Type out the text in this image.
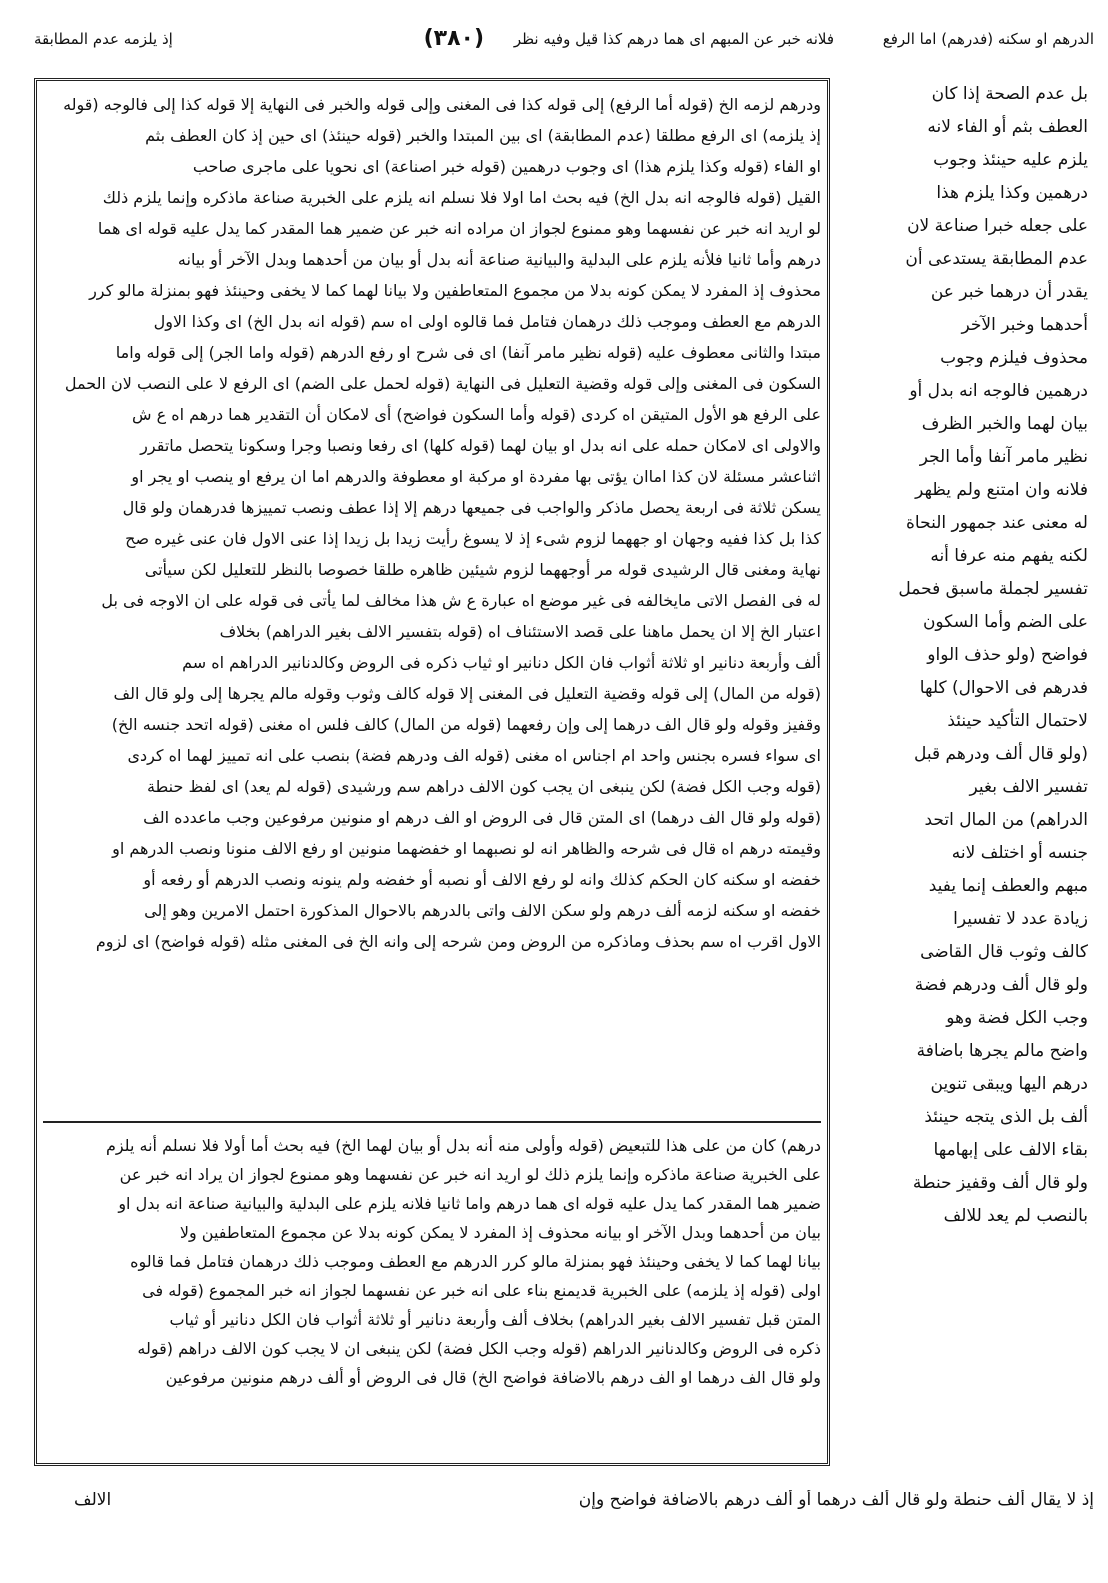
الدرهم او سكنه (فدرهم) اما الرفع
فلانه خبر عن المبهم اى هما درهم كذا قيل وفيه نظر
(٣٨٠)
إذ يلزمه عدم المطابقة
ودرهم لزمه الخ (قوله أما الرفع) إلى قوله كذا فى المغنى وإلى قوله والخبر فى النهاية إلا قوله كذا إلى فالوجه (قوله
إذ يلزمه) اى الرفع مطلقا (عدم المطابقة) اى بين المبتدا والخبر (قوله حينئذ) اى حين إذ كان العطف بثم
او الفاء (قوله وكذا يلزم هذا) اى وجوب درهمين (قوله خبر اصناعة) اى نحويا على ماجرى صاحب
القيل (قوله فالوجه انه بدل الخ) فيه بحث اما اولا فلا نسلم انه يلزم على الخبرية صناعة ماذكره وإنما يلزم ذلك
لو اريد انه خبر عن نفسهما وهو ممنوع لجواز ان مراده انه خبر عن ضمير هما المقدر كما يدل عليه قوله اى هما
درهم وأما ثانيا فلأنه يلزم على البدلية والبيانية صناعة أنه بدل أو بيان من أحدهما وبدل الآخر أو بيانه
محذوف إذ المفرد لا يمكن كونه بدلا من مجموع المتعاطفين ولا بيانا لهما كما لا يخفى وحينئذ فهو بمنزلة مالو كرر
الدرهم مع العطف وموجب ذلك درهمان فتامل فما قالوه اولى اه سم (قوله انه بدل الخ) اى وكذا الاول
مبتدا والثانى معطوف عليه (قوله نظير مامر آنفا) اى فى شرح او رفع الدرهم (قوله واما الجر) إلى قوله واما
السكون فى المغنى وإلى قوله وقضية التعليل فى النهاية (قوله لحمل على الضم) اى الرفع لا على النصب لان الحمل
على الرفع هو الأول المتيقن اه كردى (قوله وأما السكون فواضح) أى لامكان أن التقدير هما درهم اه ع ش
والاولى اى لامكان حمله على انه بدل او بيان لهما (قوله كلها) اى رفعا ونصبا وجرا وسكونا يتحصل ماتقرر
اثناعشر مسئلة لان كذا اماان يؤتى بها مفردة او مركبة او معطوفة والدرهم اما ان يرفع او ينصب او يجر او
يسكن ثلاثة فى اربعة يحصل ماذكر والواجب فى جميعها درهم إلا إذا عطف ونصب تمييزها فدرهمان ولو قال
كذا بل كذا ففيه وجهان او جههما لزوم شىء إذ لا يسوغ رأيت زيدا بل زيدا إذا عنى الاول فان عنى غيره صح
نهاية ومغنى قال الرشيدى قوله مر أوجههما لزوم شيئين ظاهره طلقا خصوصا بالنظر للتعليل لكن سيأتى
له فى الفصل الاتى مايخالفه فى غير موضع اه عبارة ع ش هذا مخالف لما يأتى فى قوله على ان الاوجه فى بل
اعتبار الخ إلا ان يحمل ماهنا على قصد الاستئناف اه (قوله بتفسير الالف بغير الدراهم) بخلاف
ألف وأربعة دنانير او ثلاثة أثواب فان الكل دنانير او ثياب ذكره فى الروض وكالدنانير الدراهم اه سم
(قوله من المال) إلى قوله وقضية التعليل فى المغنى إلا قوله كالف وثوب وقوله مالم يجرها إلى ولو قال الف
وقفيز وقوله ولو قال الف درهما إلى وإن رفعهما (قوله من المال) كالف فلس اه مغنى (قوله اتحد جنسه الخ)
اى سواء فسره بجنس واحد ام اجناس اه مغنى (قوله الف ودرهم فضة) بنصب على انه تمييز لهما اه كردى
(قوله وجب الكل فضة) لكن ينبغى ان يجب كون الالف دراهم سم ورشيدى (قوله لم يعد) اى لفظ حنطة
(قوله ولو قال الف درهما) اى المتن قال فى الروض او الف درهم او منونين مرفوعين وجب ماعدده الف
وقيمته درهم اه قال فى شرحه والظاهر انه لو نصبهما او خفضهما منونين او رفع الالف منونا ونصب الدرهم او
خفضه او سكنه كان الحكم كذلك وانه لو رفع الالف أو نصبه أو خفضه ولم ينونه ونصب الدرهم أو رفعه أو
خفضه او سكنه لزمه ألف درهم ولو سكن الالف واتى بالدرهم بالاحوال المذكورة احتمل الامرين وهو إلى
الاول اقرب اه سم بحذف وماذكره من الروض ومن شرحه إلى وانه الخ فى المغنى مثله (قوله فواضح) اى لزوم
درهم) كان من على هذا للتبعيض (قوله وأولى منه أنه بدل أو بيان لهما الخ) فيه بحث أما أولا فلا نسلم أنه يلزم
على الخبرية صناعة ماذكره وإنما يلزم ذلك لو اريد انه خبر عن نفسهما وهو ممنوع لجواز ان يراد انه خبر عن
ضمير هما المقدر كما يدل عليه قوله اى هما درهم واما ثانيا فلانه يلزم على البدلية والبيانية صناعة انه بدل او
بيان من أحدهما وبدل الآخر او بيانه محذوف إذ المفرد لا يمكن كونه بدلا عن مجموع المتعاطفين ولا
بيانا لهما كما لا يخفى وحينئذ فهو بمنزلة مالو كرر الدرهم مع العطف وموجب ذلك درهمان فتامل فما قالوه
اولى (قوله إذ يلزمه) على الخبرية قديمنع بناء على انه خبر عن نفسهما لجواز انه خبر المجموع (قوله فى
المتن قبل تفسير الالف بغير الدراهم) بخلاف ألف وأربعة دنانير أو ثلاثة أثواب فان الكل دنانير أو ثياب
ذكره فى الروض وكالدنانير الدراهم (قوله وجب الكل فضة) لكن ينبغى ان لا يجب كون الالف دراهم (قوله
ولو قال الف درهما او الف درهم بالاضافة فواضح الخ) قال فى الروض أو ألف درهم منونين مرفوعين
بل عدم الصحة إذا كان
العطف بثم أو الفاء لانه
يلزم عليه حينئذ وجوب
درهمين وكذا يلزم هذا
على جعله خبرا صناعة لان
عدم المطابقة يستدعى أن
يقدر أن درهما خبر عن
أحدهما وخبر الآخر
محذوف فيلزم وجوب
درهمين فالوجه انه بدل أو
بيان لهما والخبر الظرف
نظير مامر آنفا وأما الجر
فلانه وان امتنع ولم يظهر
له معنى عند جمهور النحاة
لكنه يفهم منه عرفا أنه
تفسير لجملة ماسبق فحمل
على الضم وأما السكون
فواضح (ولو حذف الواو
فدرهم فى الاحوال) كلها
لاحتمال التأكيد حينئذ
(ولو قال ألف ودرهم قبل
تفسير الالف بغير
الدراهم) من المال اتحد
جنسه أو اختلف لانه
مبهم والعطف إنما يفيد
زيادة عدد لا تفسيرا
كالف وثوب قال القاضى
ولو قال ألف ودرهم فضة
وجب الكل فضة وهو
واضح مالم يجرها باضافة
درهم اليها ويبقى تنوين
ألف بل الذى يتجه حينئذ
بقاء الالف على إبهامها
ولو قال ألف وقفيز حنطة
بالنصب لم يعد للالف
إذ لا يقال ألف حنطة ولو قال ألف درهما أو ألف درهم بالاضافة فواضح وإن
الالف
